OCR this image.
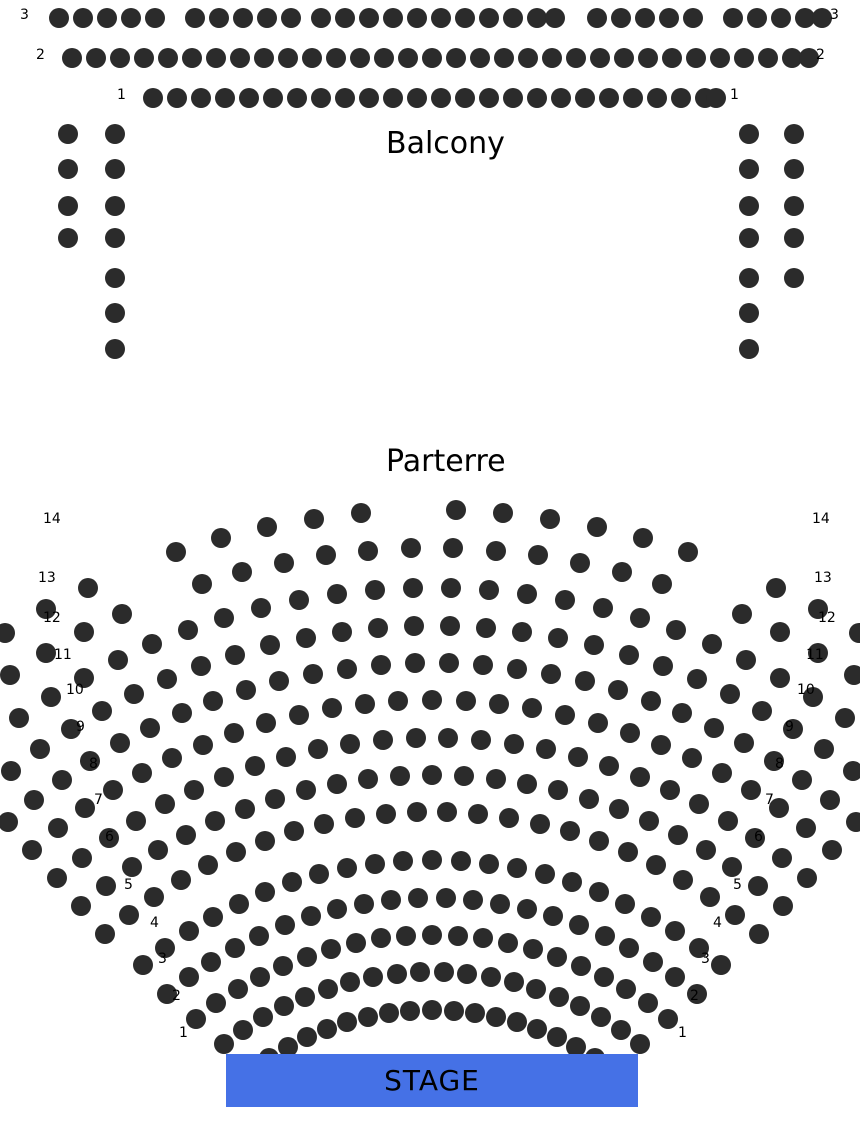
Balcony
Parterre
3	3
2	2
1	1
14	14
13	13
12	12
11	11
10	10
9	9
8	8
7	7
6	6
5	5
4	4
3	3
2	2
1	1
STAGE
